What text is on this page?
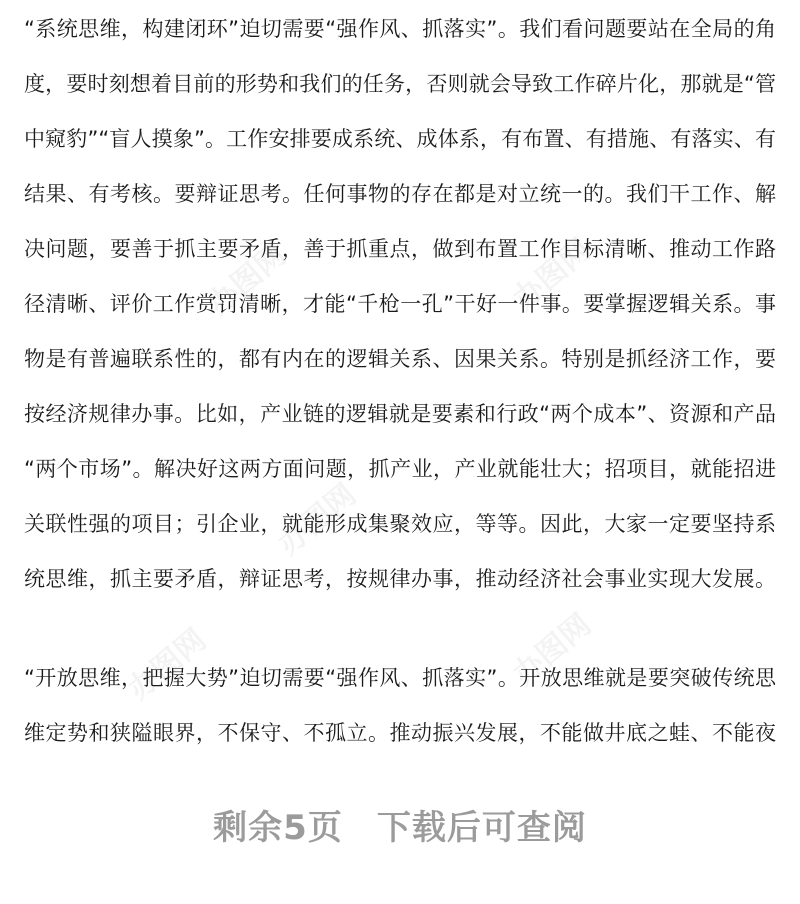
办图网	办图网
办图网
办图网	办图网
“系统思维，构建闭环”迫切需要“强作风、抓落实”。我们看问题要站在全局的角
度，要时刻想着目前的形势和我们的任务，否则就会导致工作碎片化，那就是“管
中窥豹”“盲人摸象”。工作安排要成系统、成体系，有布置、有措施、有落实、有
结果、有考核。要辩证思考。任何事物的存在都是对立统一的。我们干工作、解
决问题，要善于抓主要矛盾，善于抓重点，做到布置工作目标清晰、推动工作路
径清晰、评价工作赏罚清晰，才能“千枪一孔”干好一件事。要掌握逻辑关系。事
物是有普遍联系性的，都有内在的逻辑关系、因果关系。特别是抓经济工作，要
按经济规律办事。比如，产业链的逻辑就是要素和行政“两个成本”、资源和产品
“两个市场”。解决好这两方面问题，抓产业，产业就能壮大；招项目，就能招进
关联性强的项目；引企业，就能形成集聚效应，等等。因此，大家一定要坚持系
统思维，抓主要矛盾，辩证思考，按规律办事，推动经济社会事业实现大发展。
“开放思维，把握大势”迫切需要“强作风、抓落实”。开放思维就是要突破传统思
维定势和狭隘眼界，不保守、不孤立。推动振兴发展，不能做井底之蛙、不能夜
剩余5页 下载后可查阅
